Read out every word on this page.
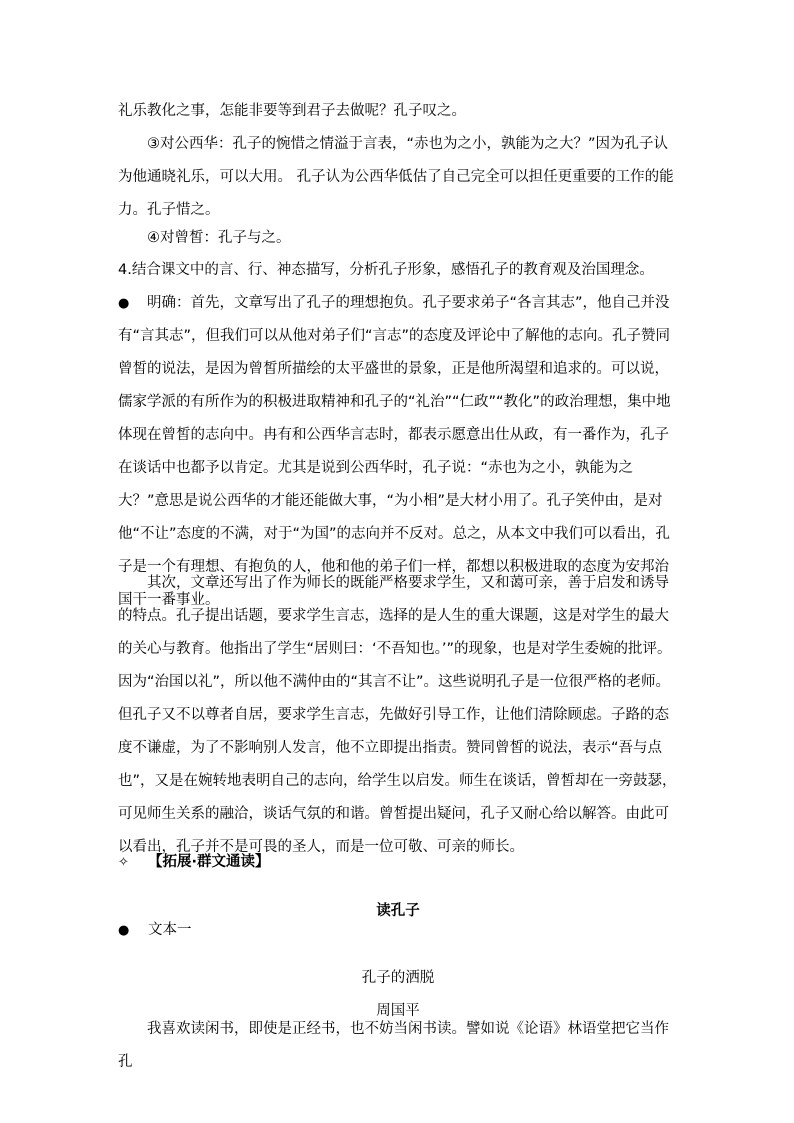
礼乐教化之事，怎能非要等到君子去做呢？孔子叹之。

③对公西华：孔子的惋惜之情溢于言表，“赤也为之小，孰能为之大？”因为孔子认为他通晓礼乐，可以大用。 孔子认为公西华低估了自己完全可以担任更重要的工作的能力。孔子惜之。

④对曾皙：孔子与之。

4.结合课文中的言、行、神态描写，分析孔子形象，感悟孔子的教育观及治国理念。

●	明确：首先，文章写出了孔子的理想抱负。孔子要求弟子“各言其志”，他自己并没有“言其志”，但我们可以从他对弟子们“言志”的态度及评论中了解他的志向。孔子赞同曾皙的说法，是因为曾皙所描绘的太平盛世的景象，正是他所渴望和追求的。可以说，儒家学派的有所作为的积极进取精神和孔子的“礼治”“仁政”“教化”的政治理想，集中地体现在曾皙的志向中。冉有和公西华言志时，都表示愿意出仕从政，有一番作为，孔子在谈话中也都予以肯定。尤其是说到公西华时，孔子说：“赤也为之小，孰能为之大？”意思是说公西华的才能还能做大事，“为小相”是大材小用了。孔子笑仲由，是对他“不让”态度的不满，对于“为国”的志向并不反对。总之，从本文中我们可以看出，孔子是一个有理想、有抱负的人，他和他的弟子们一样，都想以积极进取的态度为安邦治国干一番事业。

其次，文章还写出了作为师长的既能严格要求学生，又和蔼可亲，善于启发和诱导的特点。孔子提出话题，要求学生言志，选择的是人生的重大课题，这是对学生的最大的关心与教育。他指出了学生“居则曰：‘不吾知也。’”的现象，也是对学生委婉的批评。因为“治国以礼”，所以他不满仲由的“其言不让”。这些说明孔子是一位很严格的老师。但孔子又不以尊者自居，要求学生言志，先做好引导工作，让他们清除顾虑。子路的态度不谦虚，为了不影响别人发言，他不立即提出指责。赞同曾皙的说法，表示“吾与点也”，又是在婉转地表明自己的志向，给学生以启发。师生在谈话，曾皙却在一旁鼓瑟，可见师生关系的融洽，谈话气氛的和谐。曾皙提出疑问，孔子又耐心给以解答。由此可以看出，孔子并不是可畏的圣人，而是一位可敬、可亲的师长。

✧ 【拓展·群文通读】

读孔子

● 文本一

孔子的洒脱

周国平

我喜欢读闲书，即使是正经书，也不妨当闲书读。譬如说《论语》林语堂把它当作孔
